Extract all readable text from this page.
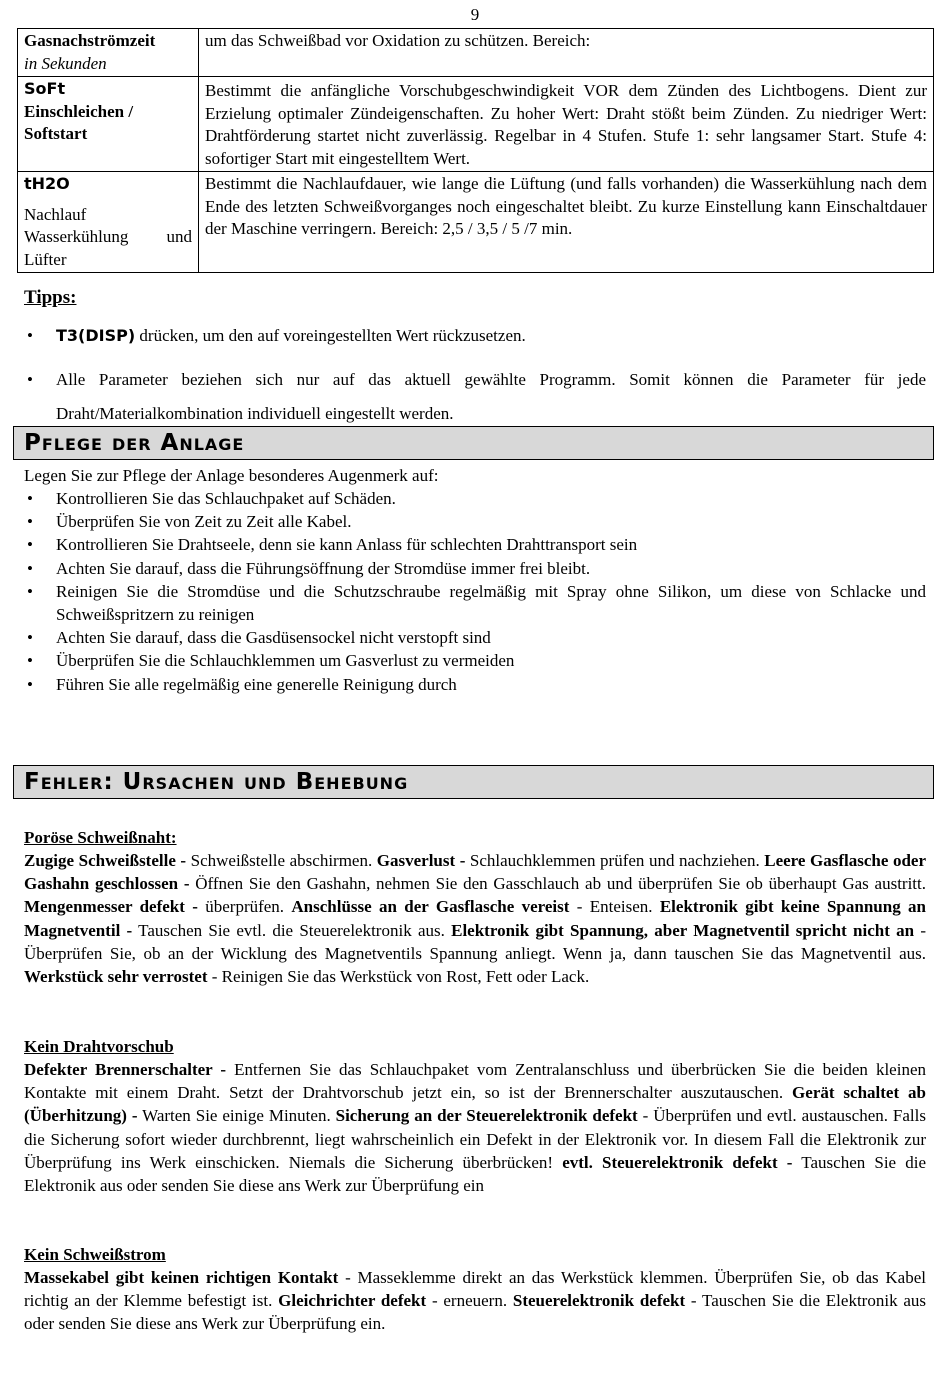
9
Gasnachströmzeit
in Sekunden	um das Schweißbad vor Oxidation zu schützen. Bereich:
SoFt
Einschleichen / Softstart	Bestimmt die anfängliche Vorschubgeschwindigkeit VOR dem Zünden des Lichtbogens. Dient zur Erzielung optimaler Zündeigenschaften. Zu hoher Wert: Draht stößt beim Zünden. Zu niedriger Wert: Drahtförderung startet nicht zuverlässig. Regelbar in 4 Stufen. Stufe 1: sehr langsamer Start. Stufe 4: sofortiger Start mit eingestelltem Wert.
tH2O
Nachlauf Wasserkühlung und Lüfter	Bestimmt die Nachlaufdauer, wie lange die Lüftung (und falls vorhanden) die Wasserkühlung nach dem Ende des letzten Schweißvorganges noch eingeschaltet bleibt. Zu kurze Einstellung kann Einschaltdauer der Maschine verringern. Bereich: 2,5 / 3,5 / 5 /7 min.
Tipps:
• T3(DISP) drücken, um den auf voreingestellten Wert rückzusetzen.
• Alle Parameter beziehen sich nur auf das aktuell gewählte Programm. Somit können die Parameter für jede Draht/Materialkombination individuell eingestellt werden.
Pflege der Anlage
Legen Sie zur Pflege der Anlage besonderes Augenmerk auf:
• Kontrollieren Sie das Schlauchpaket auf Schäden.
• Überprüfen Sie von Zeit zu Zeit alle Kabel.
• Kontrollieren Sie Drahtseele, denn sie kann Anlass für schlechten Drahttransport sein
• Achten Sie darauf, dass die Führungsöffnung der Stromdüse immer frei bleibt.
• Reinigen Sie die Stromdüse und die Schutzschraube regelmäßig mit Spray ohne Silikon, um diese von Schlacke und Schweißspritzern zu reinigen
• Achten Sie darauf, dass die Gasdüsensockel nicht verstopft sind
• Überprüfen Sie die Schlauchklemmen um Gasverlust zu vermeiden
• Führen Sie alle regelmäßig eine generelle Reinigung durch
Fehler: Ursachen und Behebung
Poröse Schweißnaht:
Zugige Schweißstelle - Schweißstelle abschirmen. Gasverlust - Schlauchklemmen prüfen und nachziehen. Leere Gasflasche oder Gashahn geschlossen - Öffnen Sie den Gashahn, nehmen Sie den Gasschlauch ab und überprüfen Sie ob überhaupt Gas austritt. Mengenmesser defekt - überprüfen. Anschlüsse an der Gasflasche vereist - Enteisen. Elektronik gibt keine Spannung an Magnetventil - Tauschen Sie evtl. die Steuerelektronik aus. Elektronik gibt Spannung, aber Magnetventil spricht nicht an - Überprüfen Sie, ob an der Wicklung des Magnetventils Spannung anliegt. Wenn ja, dann tauschen Sie das Magnetventil aus. Werkstück sehr verrostet - Reinigen Sie das Werkstück von Rost, Fett oder Lack.
Kein Drahtvorschub
Defekter Brennerschalter - Entfernen Sie das Schlauchpaket vom Zentralanschluss und überbrücken Sie die beiden kleinen Kontakte mit einem Draht. Setzt der Drahtvorschub jetzt ein, so ist der Brennerschalter auszutauschen. Gerät schaltet ab (Überhitzung) - Warten Sie einige Minuten. Sicherung an der Steuerelektronik defekt - Überprüfen und evtl. austauschen. Falls die Sicherung sofort wieder durchbrennt, liegt wahrscheinlich ein Defekt in der Elektronik vor. In diesem Fall die Elektronik zur Überprüfung ins Werk einschicken. Niemals die Sicherung überbrücken! evtl. Steuerelektronik defekt - Tauschen Sie die Elektronik aus oder senden Sie diese ans Werk zur Überprüfung ein
Kein Schweißstrom
Massekabel gibt keinen richtigen Kontakt - Masseklemme direkt an das Werkstück klemmen. Überprüfen Sie, ob das Kabel richtig an der Klemme befestigt ist. Gleichrichter defekt - erneuern. Steuerelektronik defekt - Tauschen Sie die Elektronik aus oder senden Sie diese ans Werk zur Überprüfung ein.
